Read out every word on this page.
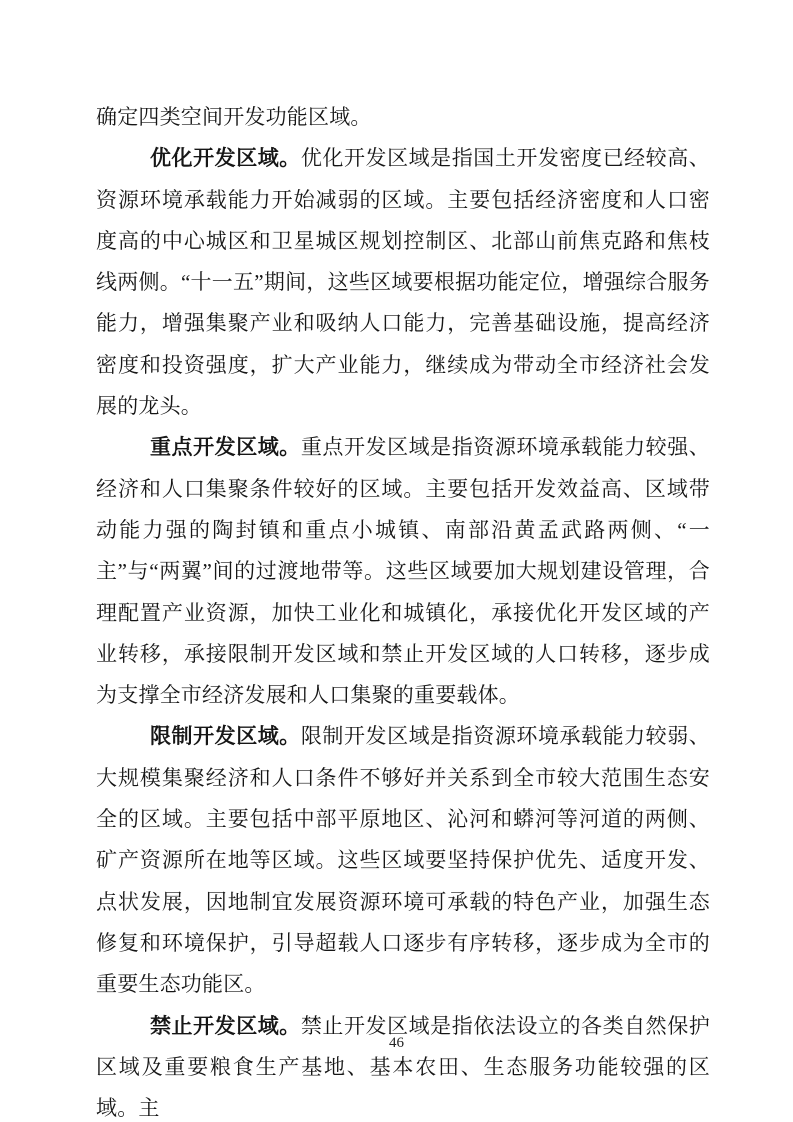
确定四类空间开发功能区域。

优化开发区域。优化开发区域是指国土开发密度已经较高、资源环境承载能力开始减弱的区域。主要包括经济密度和人口密度高的中心城区和卫星城区规划控制区、北部山前焦克路和焦枝线两侧。“十一五”期间，这些区域要根据功能定位，增强综合服务能力，增强集聚产业和吸纳人口能力，完善基础设施，提高经济密度和投资强度，扩大产业能力，继续成为带动全市经济社会发展的龙头。

重点开发区域。重点开发区域是指资源环境承载能力较强、经济和人口集聚条件较好的区域。主要包括开发效益高、区域带动能力强的陶封镇和重点小城镇、南部沿黄孟武路两侧、“一主”与“两翼”间的过渡地带等。这些区域要加大规划建设管理，合理配置产业资源，加快工业化和城镇化，承接优化开发区域的产业转移，承接限制开发区域和禁止开发区域的人口转移，逐步成为支撑全市经济发展和人口集聚的重要载体。

限制开发区域。限制开发区域是指资源环境承载能力较弱、大规模集聚经济和人口条件不够好并关系到全市较大范围生态安全的区域。主要包括中部平原地区、沁河和蟒河等河道的两侧、矿产资源所在地等区域。这些区域要坚持保护优先、适度开发、点状发展，因地制宜发展资源环境可承载的特色产业，加强生态修复和环境保护，引导超载人口逐步有序转移，逐步成为全市的重要生态功能区。

禁止开发区域。禁止开发区域是指依法设立的各类自然保护区域及重要粮食生产基地、基本农田、生态服务功能较强的区域。主

46
